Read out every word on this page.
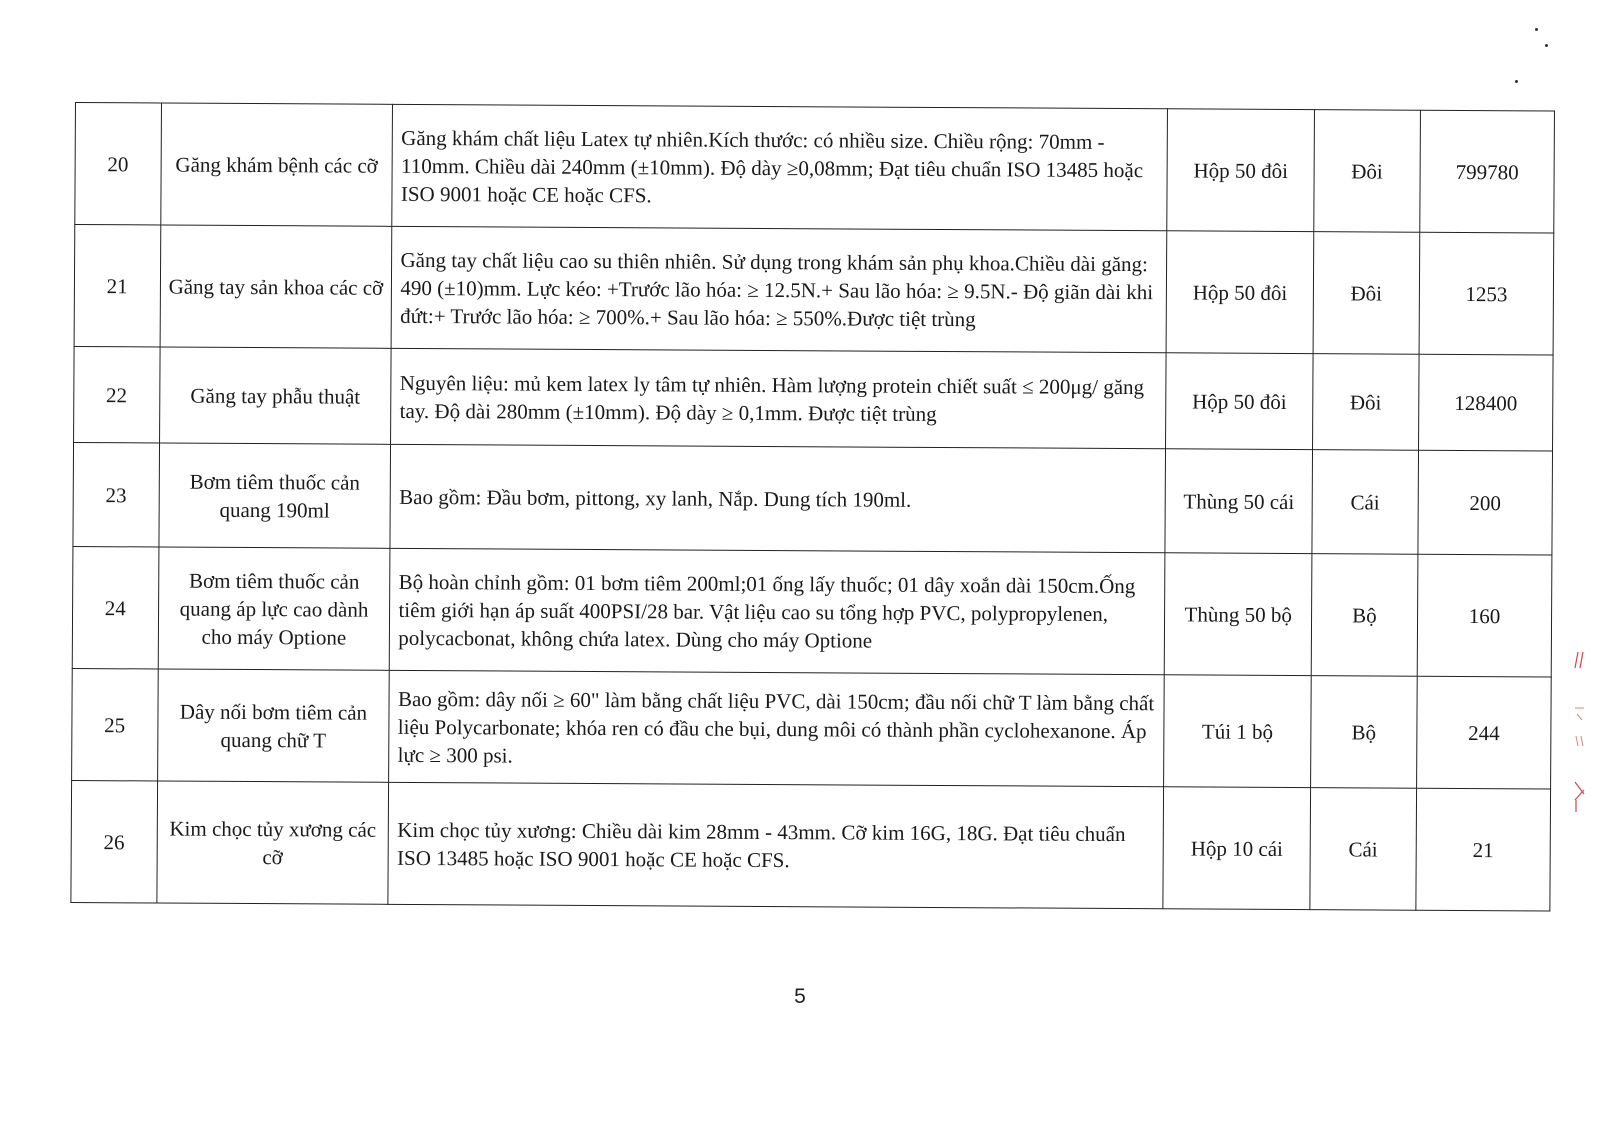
20	Găng khám bệnh các cỡ	Găng khám chất liệu Latex tự nhiên.Kích thước: có nhiều size. Chiều rộng: 70mm - 110mm. Chiều dài 240mm (±10mm). Độ dày ≥0,08mm; Đạt tiêu chuẩn ISO 13485 hoặc ISO 9001 hoặc CE hoặc CFS.	Hộp 50 đôi	Đôi	799780
21	Găng tay sản khoa các cỡ	Găng tay chất liệu cao su thiên nhiên. Sử dụng trong khám sản phụ khoa.Chiều dài găng: 490 (±10)mm. Lực kéo: +Trước lão hóa: ≥ 12.5N.+ Sau lão hóa: ≥ 9.5N.- Độ giãn dài khi đứt:+ Trước lão hóa: ≥ 700%.+ Sau lão hóa: ≥ 550%.Được tiệt trùng	Hộp 50 đôi	Đôi	1253
22	Găng tay phẫu thuật	Nguyên liệu: mủ kem latex ly tâm tự nhiên. Hàm lượng protein chiết suất ≤ 200μg/ găng tay. Độ dài 280mm (±10mm). Độ dày ≥ 0,1mm. Được tiệt trùng	Hộp 50 đôi	Đôi	128400
23	Bơm tiêm thuốc cản quang 190ml	Bao gồm: Đầu bơm, pittong, xy lanh, Nắp. Dung tích 190ml.	Thùng 50 cái	Cái	200
24	Bơm tiêm thuốc cản quang áp lực cao dành cho máy Optione	Bộ hoàn chỉnh gồm: 01 bơm tiêm 200ml;01 ống lấy thuốc; 01 dây xoắn dài 150cm.Ống tiêm giới hạn áp suất 400PSI/28 bar. Vật liệu cao su tổng hợp PVC, polypropylenen, polycacbonat, không chứa latex. Dùng cho máy Optione	Thùng 50 bộ	Bộ	160
25	Dây nối bơm tiêm cản quang chữ T	Bao gồm: dây nối ≥ 60" làm bằng chất liệu PVC, dài 150cm; đầu nối chữ T làm bằng chất liệu Polycarbonate; khóa ren có đầu che bụi, dung môi có thành phần cyclohexanone. Áp lực ≥ 300 psi.	Túi 1 bộ	Bộ	244
26	Kim chọc tủy xương các cỡ	Kim chọc tủy xương: Chiều dài kim 28mm - 43mm. Cỡ kim 16G, 18G. Đạt tiêu chuẩn ISO 13485 hoặc ISO 9001 hoặc CE hoặc CFS.	Hộp 10 cái	Cái	21
5
